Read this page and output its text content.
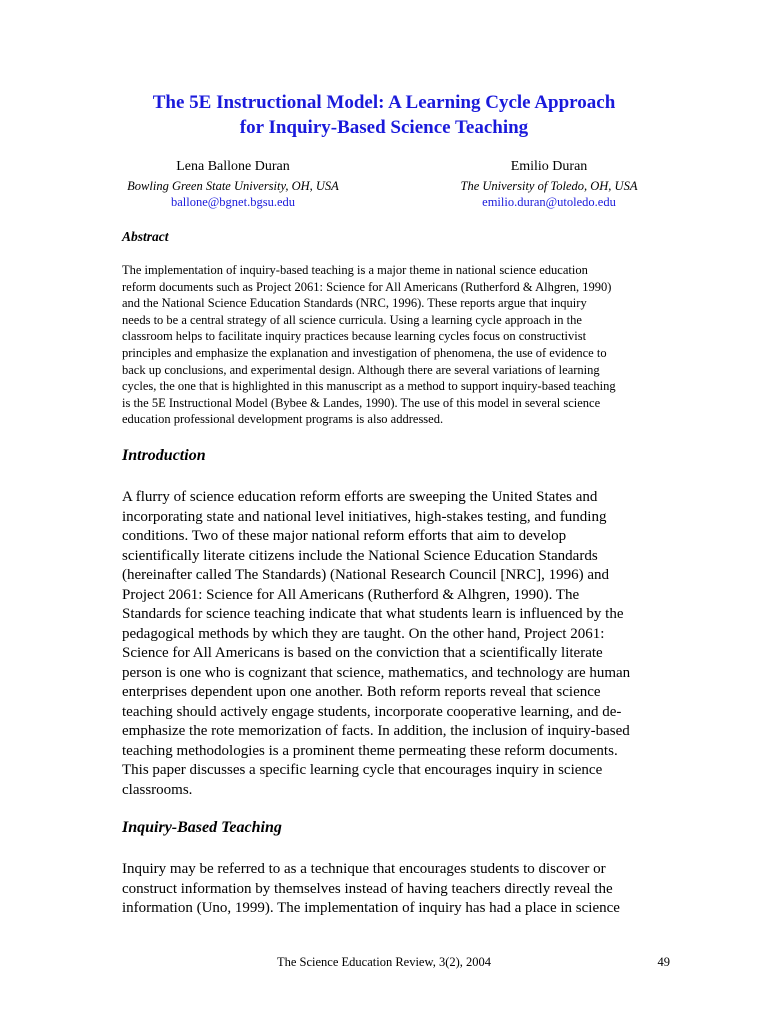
The 5E Instructional Model: A Learning Cycle Approach
for Inquiry-Based Science Teaching
Lena Ballone Duran
Bowling Green State University, OH, USA
ballone@bgnet.bgsu.edu
Emilio Duran
The University of Toledo, OH, USA
emilio.duran@utoledo.edu
Abstract
The implementation of inquiry-based teaching is a major theme in national science education
reform documents such as Project 2061: Science for All Americans (Rutherford & Alhgren, 1990)
and the National Science Education Standards (NRC, 1996). These reports argue that inquiry
needs to be a central strategy of all science curricula. Using a learning cycle approach in the
classroom helps to facilitate inquiry practices because learning cycles focus on constructivist
principles and emphasize the explanation and investigation of phenomena, the use of evidence to
back up conclusions, and experimental design. Although there are several variations of learning
cycles, the one that is highlighted in this manuscript as a method to support inquiry-based teaching
is the 5E Instructional Model (Bybee & Landes, 1990). The use of this model in several science
education professional development programs is also addressed.
Introduction
A flurry of science education reform efforts are sweeping the United States and
incorporating state and national level initiatives, high-stakes testing, and funding
conditions. Two of these major national reform efforts that aim to develop
scientifically literate citizens include the National Science Education Standards
(hereinafter called The Standards) (National Research Council [NRC], 1996) and
Project 2061: Science for All Americans (Rutherford & Alhgren, 1990). The
Standards for science teaching indicate that what students learn is influenced by the
pedagogical methods by which they are taught. On the other hand, Project 2061:
Science for All Americans is based on the conviction that a scientifically literate
person is one who is cognizant that science, mathematics, and technology are human
enterprises dependent upon one another. Both reform reports reveal that science
teaching should actively engage students, incorporate cooperative learning, and de-
emphasize the rote memorization of facts. In addition, the inclusion of inquiry-based
teaching methodologies is a prominent theme permeating these reform documents.
This paper discusses a specific learning cycle that encourages inquiry in science
classrooms.
Inquiry-Based Teaching
Inquiry may be referred to as a technique that encourages students to discover or
construct information by themselves instead of having teachers directly reveal the
information (Uno, 1999). The implementation of inquiry has had a place in science
The Science Education Review, 3(2), 2004	49
